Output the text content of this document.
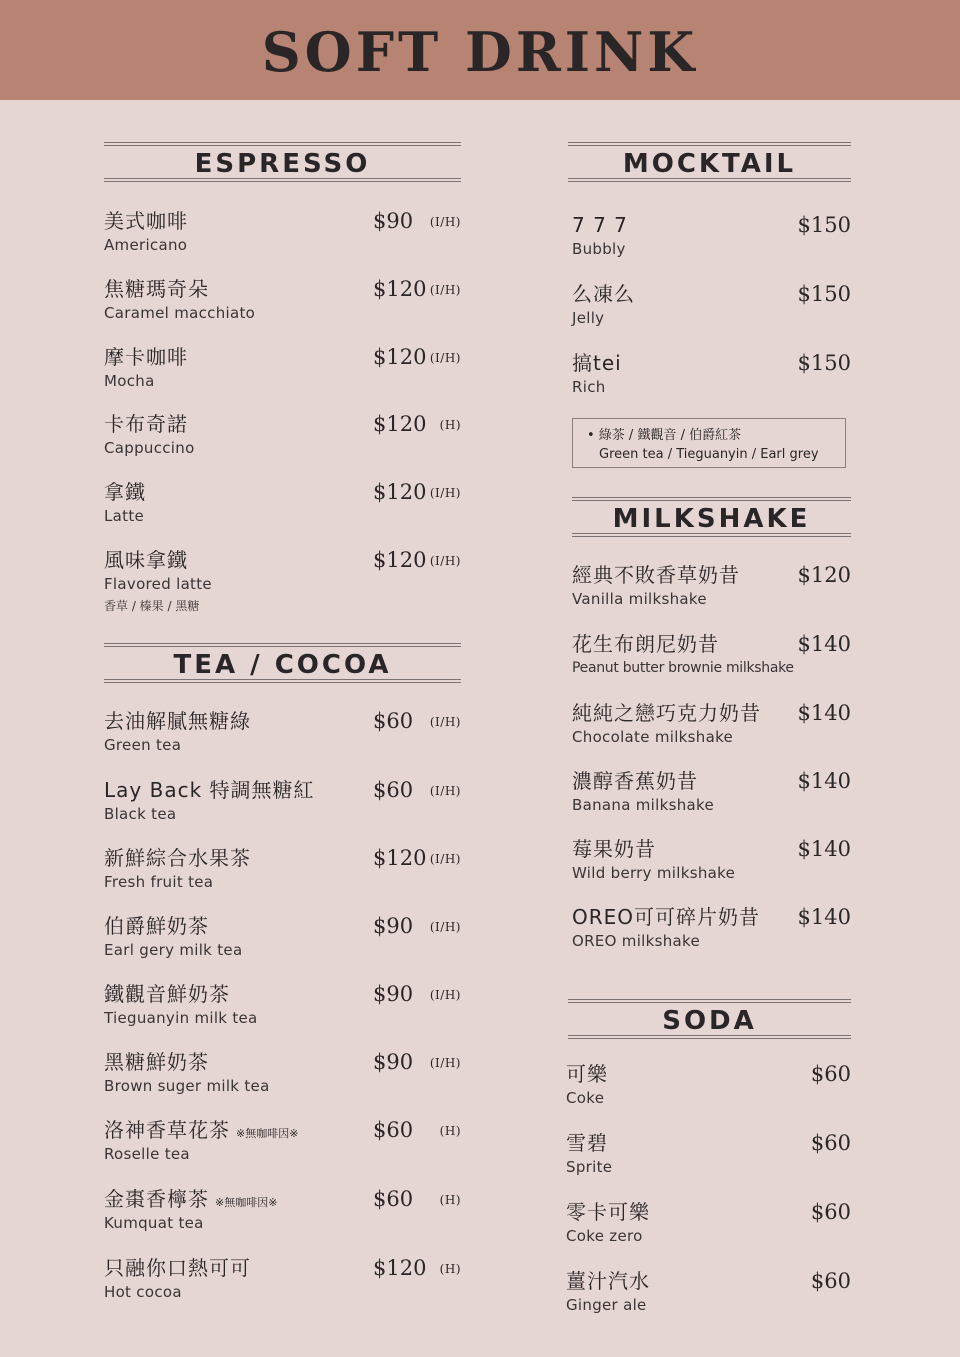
SOFT DRINK
ESPRESSO
美式咖啡
Americano
$90 (I/H)
焦糖瑪奇朵
Caramel macchiato
$120 (I/H)
摩卡咖啡
Mocha
$120 (I/H)
卡布奇諾
Cappuccino
$120 (H)
拿鐵
Latte
$120 (I/H)
風味拿鐵
Flavored latte
香草 / 榛果 / 黑糖
$120 (I/H)
TEA / COCOA
去油解膩無糖綠
Green tea
$60 (I/H)
Lay Back 特調無糖紅
Black tea
$60 (I/H)
新鮮綜合水果茶
Fresh fruit tea
$120 (I/H)
伯爵鮮奶茶
Earl gery milk tea
$90 (I/H)
鐵觀音鮮奶茶
Tieguanyin milk tea
$90 (I/H)
黑糖鮮奶茶
Brown suger milk tea
$90 (I/H)
洛神香草花茶 ※無咖啡因※
Roselle tea
$60 (H)
金棗香檸茶 ※無咖啡因※
Kumquat tea
$60 (H)
只融你口熱可可
Hot cocoa
$120 (H)
MOCKTAIL
7 7 7
Bubbly
$150
么凍么
Jelly
$150
搞tei
Rich
$150
• 綠茶 / 鐵觀音 / 伯爵紅茶
Green tea / Tieguanyin / Earl grey
MILKSHAKE
經典不敗香草奶昔
Vanilla milkshake
$120
花生布朗尼奶昔
Peanut butter brownie milkshake
$140
純純之戀巧克力奶昔
Chocolate milkshake
$140
濃醇香蕉奶昔
Banana milkshake
$140
莓果奶昔
Wild berry milkshake
$140
OREO可可碎片奶昔
OREO milkshake
$140
SODA
可樂
Coke
$60
雪碧
Sprite
$60
零卡可樂
Coke zero
$60
薑汁汽水
Ginger ale
$60
